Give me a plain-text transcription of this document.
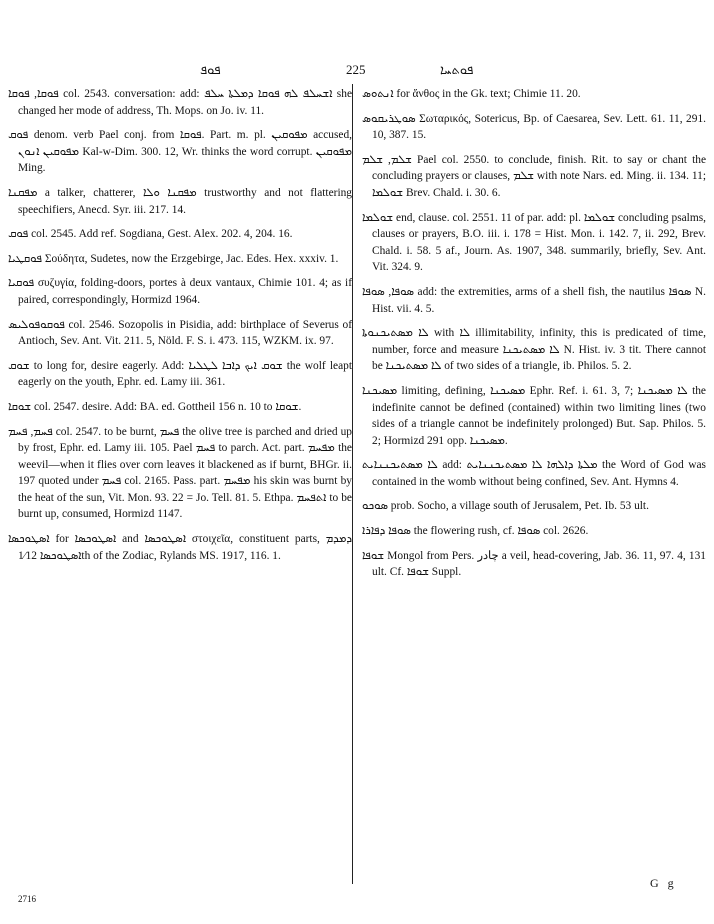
ܦܘܦ	225	ܦܘܬܚܐ

ܦܘܩܐ, ܦܘܩܐ col. 2543. conversation: add: ܐܫܚܠܦ ܠܗ ܦܘܩܐ ܕܡܠܬܐ ܚܠܦ she changed her mode of address, Th. Mops. on Jo. iv. 11.

ܦܘܩ denom. verb Pael conj. from ܦܘܩܐ. Part. m. pl. ܡܦܘܩܝܢ accused, ܡܦܘܩܝܢ ܐܢܘܢ Kal-w-Dim. 300. 12, Wr. thinks the word corrupt. ܡܦܘܩܝܢ Ming.

ܡܦܩܢܐ a talker, chatterer, ܡܦܩܢܐ ܘܠܐ trustworthy and not flattering speechifiers, Anecd. Syr. iii. 217. 14.

ܦܘܩ col. 2545. Add ref. Sogdiana, Gest. Alex. 202. 4, 204. 16.

ܦܘܩܛܝܐ Σούδητα, Sudetes, now the Erzgebirge, Jac. Edes. Hex. xxxiv. 1.

ܦܘܩܝܐ συζυγία, folding-doors, portes à deux vantaux, Chimie 101. 4; as if paired, correspondingly, Hormizd 1964.

ܦܘܩܘܦܘܠܝܣ col. 2546. Sozopolis in Pisidia, add: birthplace of Severus of Antioch, Sev. Ant. Vit. 211. 5, Nöld. F. S. i. 473. 115, WZKM. ix. 97.

ܫܘܩ to long for, desire eagerly. Add: ܫܘܩ ܐܝܟ ܕܐܒܐ ܠܛܠܝܐ the wolf leapt eagerly on the youth, Ephr. ed. Lamy iii. 361.

ܫܘܩܐ col. 2547. desire. Add: BA. ed. Gottheil 156 n. 10 to ܫܘܩܐ.

ܦܚܡ, ܦܚܡ col. 2547. to be burnt, ܦܚܡ the olive tree is parched and dried up by frost, Ephr. ed. Lamy iii. 105. Pael ܦܚܡ to parch. Act. part. ܡܦܚܡ the weevil—when it flies over corn leaves it blackened as if burnt, BHGr. ii. 197 quoted under ܦܚܡ col. 2165. Pass. part. ܡܦܚܡ his skin was burnt by the heat of the sun, Vit. Mon. 93. 22 = Jo. Tell. 81. 5. Ethpa. ܐܬܦܚܡ to be burnt up, consumed, Hormizd 1147.

ܐܣܛܘܟܣܐ for ܐܣܛܘܟܣܐ and ܐܣܛܘܟܣܐ στοιχεῖα, constituent parts, ܕܡܕܡ ܐܣܛܘܟܣܐ 1⁄12th of the Zodiac, Rylands MS. 1917, 116. 1.

ܐܢܬܘܣ for ἄνθος in the Gk. text; Chimie 11. 20.

ܣܘܛܪܝܩܘܣ Σωταρικός, Sotericus, Bp. of Caesarea, Sev. Lett. 61. 11, 291. 10, 387. 15.

ܫܠܡ, ܫܠܡ Pael col. 2550. to conclude, finish. Rit. to say or chant the concluding prayers or clauses, ܫܠܡ with note Nars. ed. Ming. ii. 134. 11; ܫܘܠܡܐ Brev. Chald. i. 30. 6.

ܫܘܠܡܐ end, clause. col. 2551. 11 of par. add: pl. ܫܘܠܡܐ concluding psalms, clauses or prayers, B.O. iii. i. 178 = Hist. Mon. i. 142. 7, ii. 292, Brev. Chald. i. 58. 5 af., Journ. As. 1907, 348. summarily, briefly, Sev. Ant. Vit. 324. 9.

ܣܘܦܐ, ܣܘܦܐ add: the extremities, arms of a shell fish, the nautilus ܣܘܦܐ N. Hist. vii. 4. 5.

ܠܐ ܡܣܬܝܟܢܘܬܐ with ܠܐ illimitability, infinity, this is predicated of time, number, force and measure ܠܐ ܡܣܬܝܟܢܐ N. Hist. iv. 3 tit. There cannot be ܠܐ ܡܣܬܝܟܢܐ of two sides of a triangle, ib. Philos. 5. 2.

ܡܣܝܟܢܐ limiting, defining, ܡܣܝܟܢܐ Ephr. Ref. i. 61. 3, 7; ܠܐ ܡܣܝܟܢܐ the indefinite cannot be defined (contained) within two limiting lines (two sides of a triangle cannot be indefinitely prolonged) But. Sap. Philos. 5. 2; Hormizd 291 opp. ܡܣܝܟܢܐ.

ܠܐ ܡܣܬܝܟܢܢܐܝܬ add: ܡܠܬܐ ܕܐܠܗܐ ܠܐ ܡܣܬܝܟܢܢܐܝܬ the Word of God was contained in the womb without being confined, Sev. Ant. Hymns 4.

ܣܘܟܘ prob. Socho, a village south of Jerusalem, Pet. Ib. 53 ult.

ܣܘܦܐ ܕܦܐܪܐ the flowering rush, cf. ܣܘܦܐ col. 2626.

ܫܘܦܐ Mongol from Pers. چادر a veil, head-covering, Jab. 36. 11, 97. 4, 131 ult. Cf. ܫܘܦܐ Suppl.

2716
G g
